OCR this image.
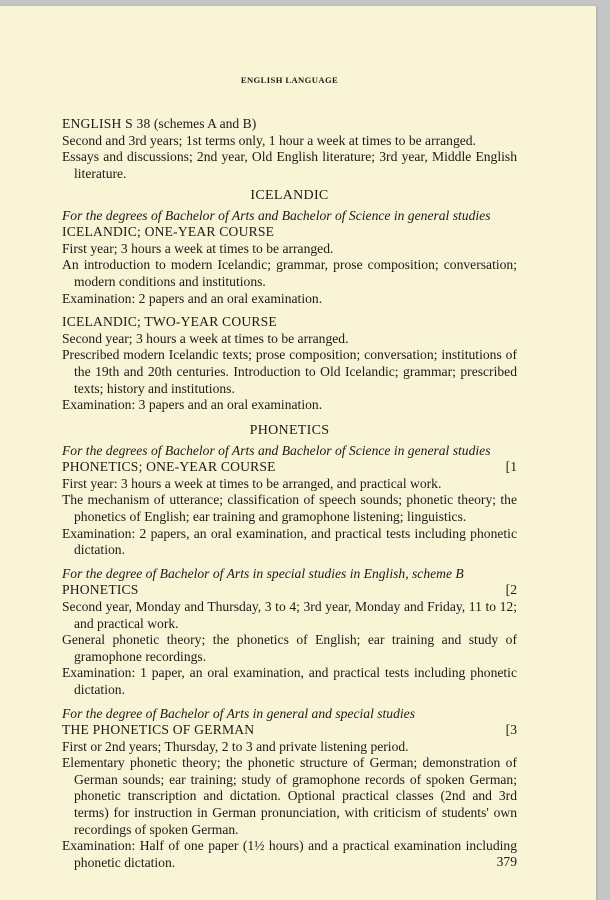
ENGLISH LANGUAGE

ENGLISH S 38 (schemes A and B)

Second and 3rd years; 1st terms only, 1 hour a week at times to be arranged.

Essays and discussions; 2nd year, Old English literature; 3rd year, Middle English literature.

ICELANDIC

For the degrees of Bachelor of Arts and Bachelor of Science in general studies

ICELANDIC; ONE-YEAR COURSE

First year; 3 hours a week at times to be arranged.

An introduction to modern Icelandic; grammar, prose composition; conversation; modern conditions and institutions.

Examination: 2 papers and an oral examination.

ICELANDIC; TWO-YEAR COURSE

Second year; 3 hours a week at times to be arranged.

Prescribed modern Icelandic texts; prose composition; conversation; institutions of the 19th and 20th centuries. Introduction to Old Icelandic; grammar; prescribed texts; history and institutions.

Examination: 3 papers and an oral examination.

PHONETICS

For the degrees of Bachelor of Arts and Bachelor of Science in general studies

PHONETICS; ONE-YEAR COURSE	[1

First year: 3 hours a week at times to be arranged, and practical work.

The mechanism of utterance; classification of speech sounds; phonetic theory; the phonetics of English; ear training and gramophone listening; linguistics.

Examination: 2 papers, an oral examination, and practical tests including phonetic dictation.

For the degree of Bachelor of Arts in special studies in English, scheme B

PHONETICS	[2

Second year, Monday and Thursday, 3 to 4; 3rd year, Monday and Friday, 11 to 12; and practical work.

General phonetic theory; the phonetics of English; ear training and study of gramophone recordings.

Examination: 1 paper, an oral examination, and practical tests including phonetic dictation.

For the degree of Bachelor of Arts in general and special studies

THE PHONETICS OF GERMAN	[3

First or 2nd years; Thursday, 2 to 3 and private listening period.

Elementary phonetic theory; the phonetic structure of German; demonstration of German sounds; ear training; study of gramophone records of spoken German; phonetic transcription and dictation. Optional practical classes (2nd and 3rd terms) for instruction in German pronunciation, with criticism of students' own recordings of spoken German.

Examination: Half of one paper (1½ hours) and a practical examination including phonetic dictation.	379
